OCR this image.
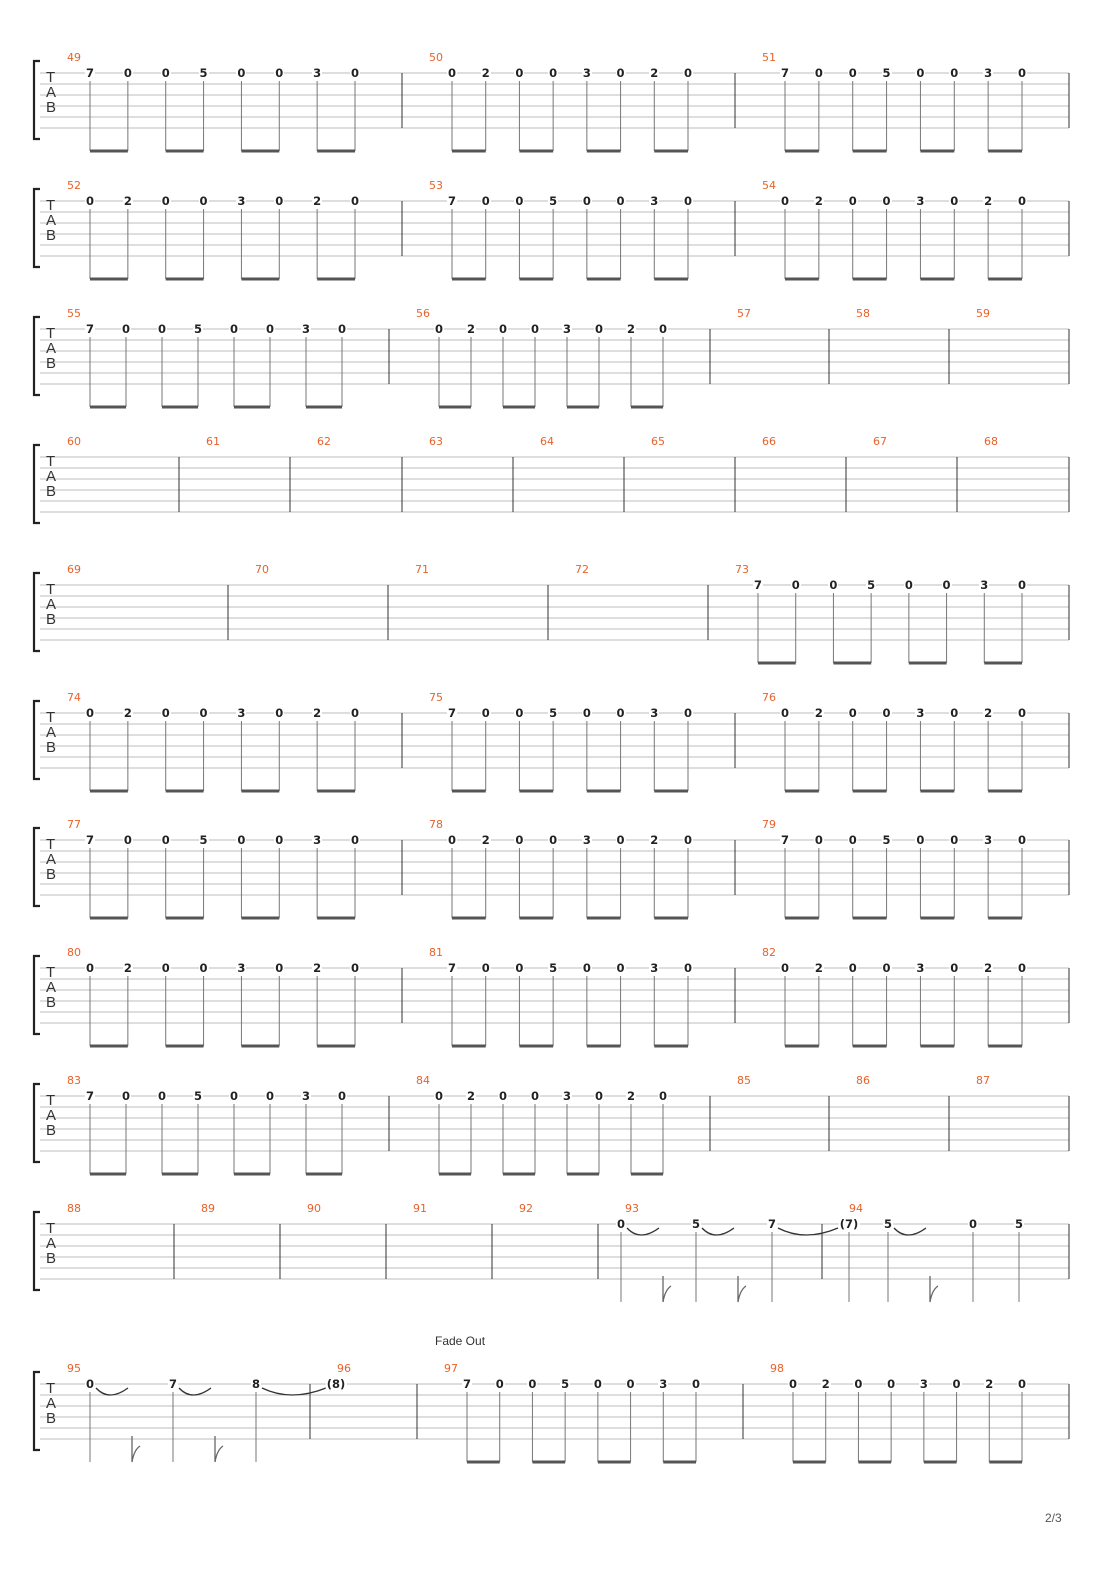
T
A
B
49
7	0	0	5	0	0	3	0
50
0 2 0 0 3 0 2 0
51
7 0 0 5 0 0 3 0
T
A
B
52
0	2	0	0	3	0	2	0
53
7 0 0 5 0 0 3 0
54
0 2 0 0 3 0 2 0
T
A
B
55
7 0 0 5 0 0 3 0
56
0 2 0 0 3 0 2 0
57	58	59
T
A
B
60	61	62	63	64	65	66	67	68
T
A
B
69	70	71	72	73
7	0	0	5	0	0	3	0
T
A
B
74
0	2	0	0	3	0	2	0
75
7 0 0 5 0 0 3 0
76
0 2 0 0 3 0 2 0
T
A
B
77
7	0	0	5	0	0	3	0
78
0 2 0 0 3 0 2 0
79
7 0 0 5 0 0 3 0
T
A
B
80
0	2	0	0	3	0	2	0
81
7 0 0 5 0 0 3 0
82
0 2 0 0 3 0 2 0
T
A
B
83
7 0 0 5 0 0 3 0
84
0 2 0 0 3 0 2 0
85	86	87
T
A
B
88	89	90	91	92	93
0	5	7
94
(7) 5	0	5
T
A
B
95
0	7	8
96
(8)
97
7 0 0 5 0 0 3 0
98
0 2 0 0 3 0 2 0
Fade Out
2/3
